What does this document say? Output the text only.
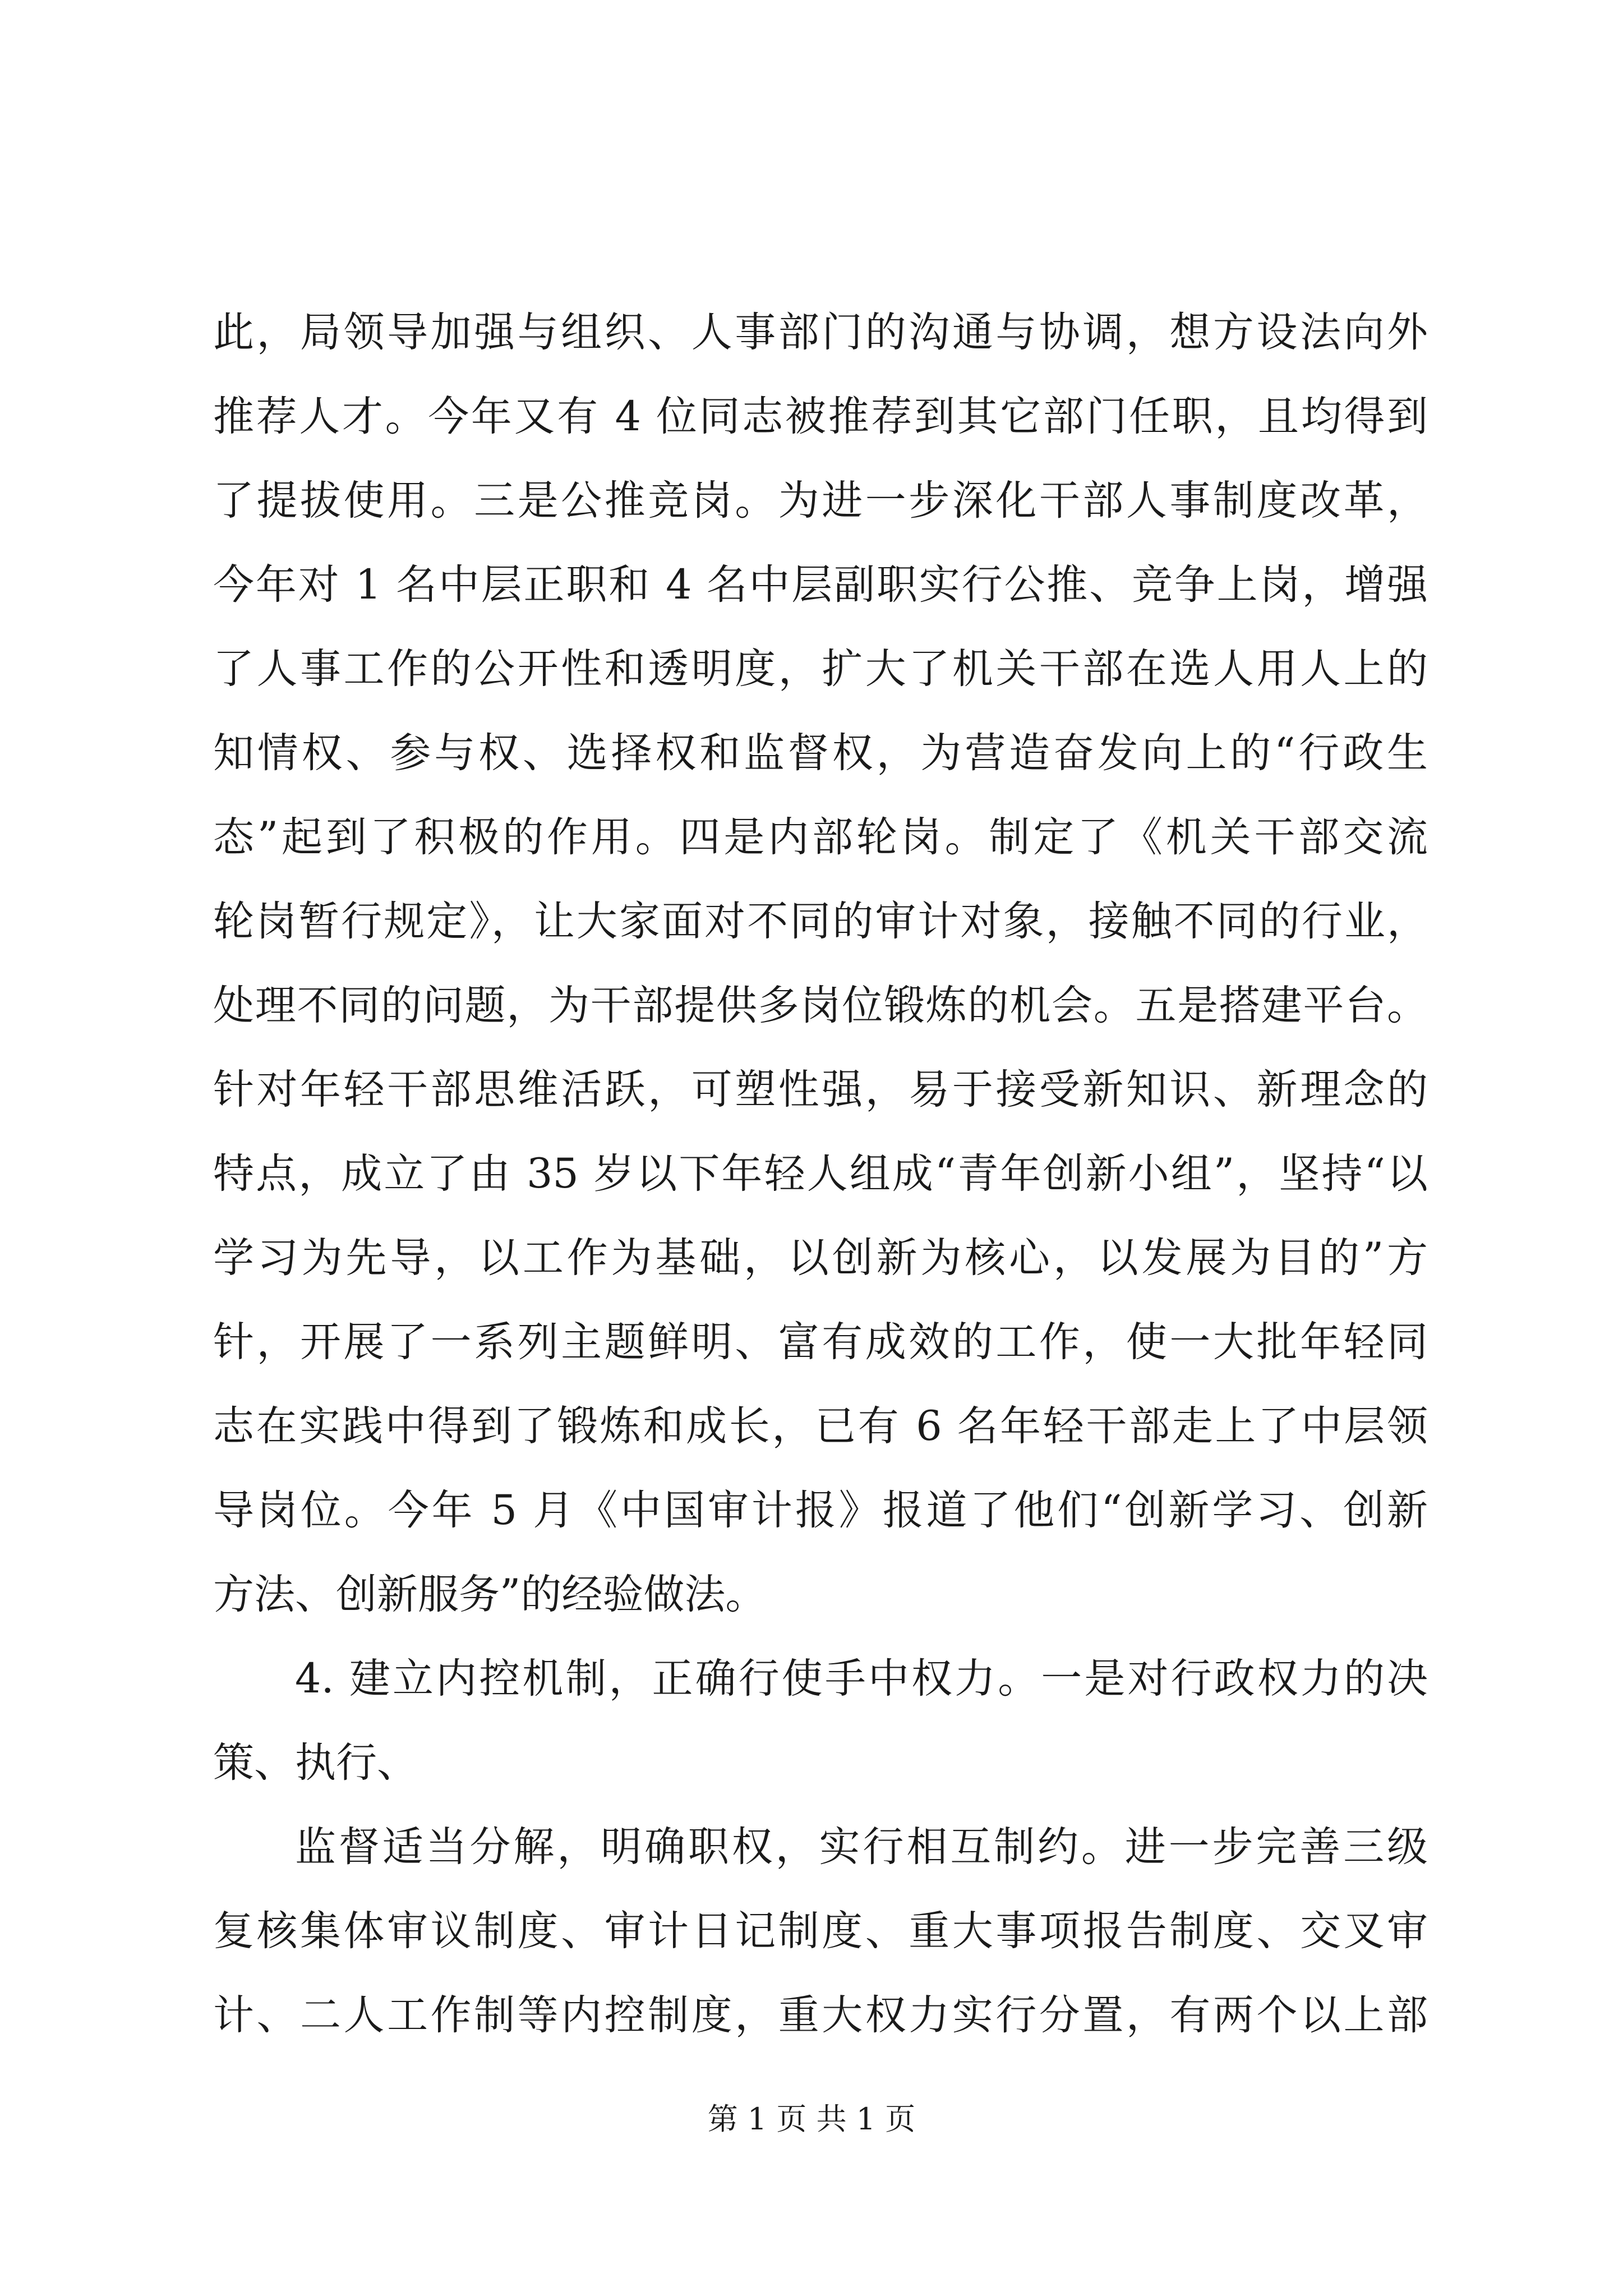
此，局领导加强与组织、人事部门的沟通与协调，想方设法向外
推荐人才。今年又有 4 位同志被推荐到其它部门任职，且均得到
了提拔使用。三是公推竞岗。为进一步深化干部人事制度改革，
今年对 1 名中层正职和 4 名中层副职实行公推、竞争上岗，增强
了人事工作的公开性和透明度，扩大了机关干部在选人用人上的
知情权、参与权、选择权和监督权，为营造奋发向上的“行政生
态”起到了积极的作用。四是内部轮岗。制定了《机关干部交流
轮岗暂行规定》，让大家面对不同的审计对象，接触不同的行业，
处理不同的问题，为干部提供多岗位锻炼的机会。五是搭建平台。
针对年轻干部思维活跃，可塑性强，易于接受新知识、新理念的
特点，成立了由 35 岁以下年轻人组成“青年创新小组”，坚持“以
学习为先导，以工作为基础，以创新为核心，以发展为目的”方
针，开展了一系列主题鲜明、富有成效的工作，使一大批年轻同
志在实践中得到了锻炼和成长，已有 6 名年轻干部走上了中层领
导岗位。今年 5 月《中国审计报》报道了他们“创新学习、创新
方法、创新服务”的经验做法。
4. 建立内控机制，正确行使手中权力。一是对行政权力的决
策、执行、
监督适当分解，明确职权，实行相互制约。进一步完善三级
复核集体审议制度、审计日记制度、重大事项报告制度、交叉审
计、二人工作制等内控制度，重大权力实行分置，有两个以上部
第 1 页 共 1 页
